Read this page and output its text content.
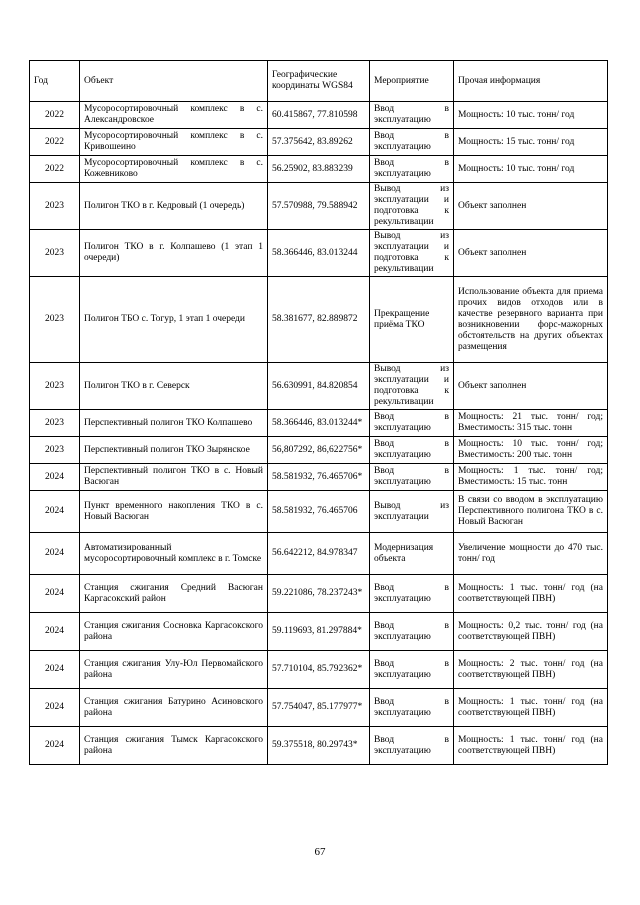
Год	Объект	Географические координаты WGS84	Мероприятие	Прочая информация
2022	Мусоросортировочный комплекс в с. Александровское	60.415867, 77.810598	Ввод в эксплуатацию	Мощность: 10 тыс. тонн/ год
2022	Мусоросортировочный комплекс в с. Кривошеино	57.375642, 83.89262	Ввод в эксплуатацию	Мощность: 15 тыс. тонн/ год
2022	Мусоросортировочный комплекс в с. Кожевниково	56.25902, 83.883239	Ввод в эксплуатацию	Мощность: 10 тыс. тонн/ год
2023	Полигон ТКО в г. Кедровый (1 очередь)	57.570988, 79.588942	Вывод из эксплуатации и подготовка к рекультивации	Объект заполнен
2023	Полигон ТКО в г. Колпашево (1 этап 1 очереди)	58.366446, 83.013244	Вывод из эксплуатации и подготовка к рекультивации	Объект заполнен
2023	Полигон ТБО с. Тогур, 1 этап 1 очереди	58.381677, 82.889872	Прекращение приёма ТКО	Использование объекта для приема прочих видов отходов или в качестве резервного варианта при возникновении форс-мажорных обстоятельств на других объектах размещения
2023	Полигон ТКО в г. Северск	56.630991, 84.820854	Вывод из эксплуатации и подготовка к рекультивации	Объект заполнен
2023	Перспективный полигон ТКО Колпашево	58.366446, 83.013244*	Ввод в эксплуатацию	Мощность: 21 тыс. тонн/ год; Вместимость: 315 тыс. тонн
2023	Перспективный полигон ТКО Зырянское	56,807292, 86,622756*	Ввод в эксплуатацию	Мощность: 10 тыс. тонн/ год; Вместимость: 200 тыс. тонн
2024	Перспективный полигон ТКО в с. Новый Васюган	58.581932, 76.465706*	Ввод в эксплуатацию	Мощность: 1 тыс. тонн/ год; Вместимость: 15 тыс. тонн
2024	Пункт временного накопления ТКО в с. Новый Васюган	58.581932, 76.465706	Вывод из эксплуатации	В связи со вводом в эксплуатацию Перспективного полигона ТКО в с. Новый Васюган
2024	Автоматизированный мусоросортировочный комплекс в г. Томске	56.642212, 84.978347	Модернизация объекта	Увеличение мощности до 470 тыс. тонн/ год
2024	Станция сжигания Средний Васюган Каргасокский район	59.221086, 78.237243*	Ввод в эксплуатацию	Мощность: 1 тыс. тонн/ год (на соответствующей ПВН)
2024	Станция сжигания Сосновка Каргасокского района	59.119693, 81.297884*	Ввод в эксплуатацию	Мощность: 0,2 тыс. тонн/ год (на соответствующей ПВН)
2024	Станция сжигания Улу-Юл Первомайского района	57.710104, 85.792362*	Ввод в эксплуатацию	Мощность: 2 тыс. тонн/ год (на соответствующей ПВН)
2024	Станция сжигания Батурино Асиновского района	57.754047, 85.177977*	Ввод в эксплуатацию	Мощность: 1 тыс. тонн/ год (на соответствующей ПВН)
2024	Станция сжигания Тымск Каргасокского района	59.375518, 80.29743*	Ввод в эксплуатацию	Мощность: 1 тыс. тонн/ год (на соответствующей ПВН)
67
